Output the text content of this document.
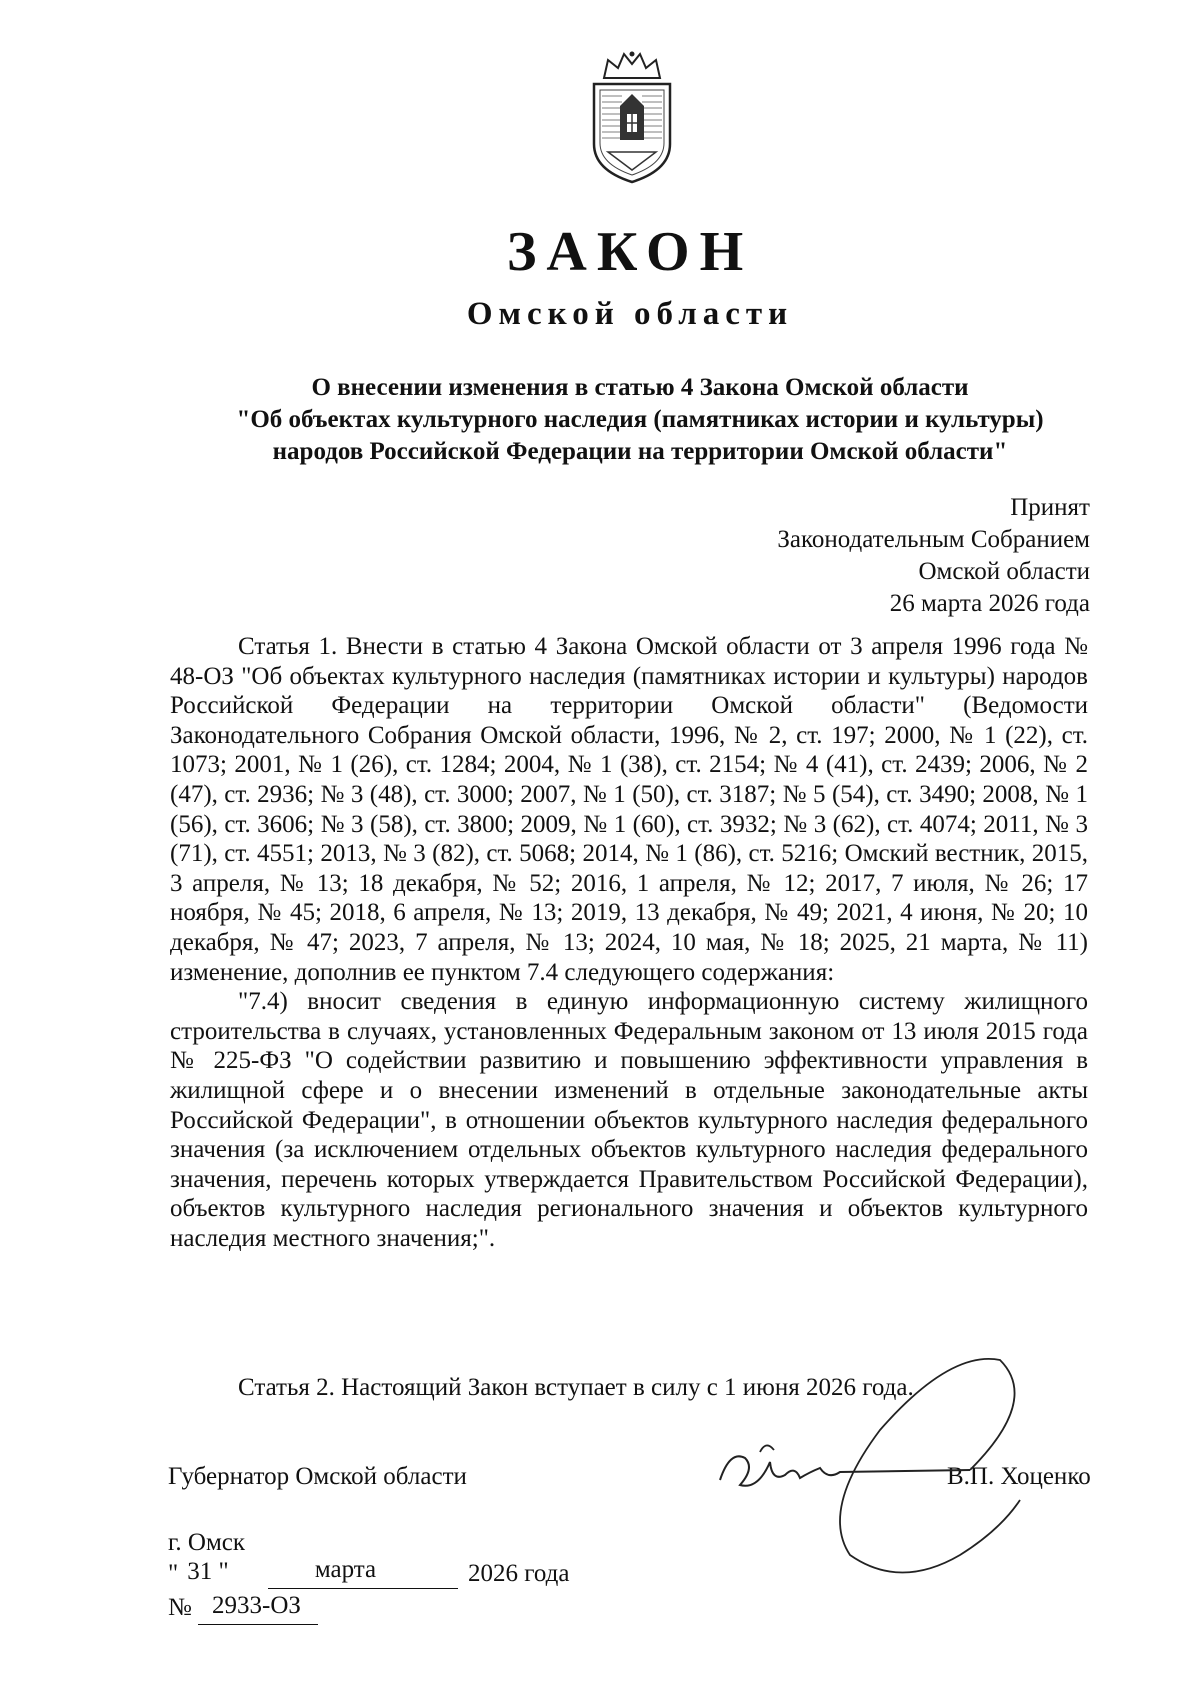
ЗАКОН
Омской области
О внесении изменения в статью 4 Закона Омской области
"Об объектах культурного наследия (памятниках истории и культуры)
народов Российской Федерации на территории Омской области"
Принят
Законодательным Собранием
Омской области
26 марта 2026 года

Статья 1. Внести в статью 4 Закона Омской области от 3 апреля 1996 года № 48-ОЗ "Об объектах культурного наследия (памятниках истории и культуры) народов Российской Федерации на территории Омской области" (Ведомости Законодательного Собрания Омской области, 1996, № 2, ст. 197; 2000, № 1 (22), ст. 1073; 2001, № 1 (26), ст. 1284; 2004, № 1 (38), ст. 2154; № 4 (41), ст. 2439; 2006, № 2 (47), ст. 2936; № 3 (48), ст. 3000; 2007, № 1 (50), ст. 3187; № 5 (54), ст. 3490; 2008, № 1 (56), ст. 3606; № 3 (58), ст. 3800; 2009, № 1 (60), ст. 3932; № 3 (62), ст. 4074; 2011, № 3 (71), ст. 4551; 2013, № 3 (82), ст. 5068; 2014, № 1 (86), ст. 5216; Омский вестник, 2015, 3 апреля, № 13; 18 декабря, № 52; 2016, 1 апреля, № 12; 2017, 7 июля, № 26; 17 ноября, № 45; 2018, 6 апреля, № 13; 2019, 13 декабря, № 49; 2021, 4 июня, № 20; 10 декабря, № 47; 2023, 7 апреля, № 13; 2024, 10 мая, № 18; 2025, 21 марта, № 11) изменение, дополнив ее пунктом 7.4 следующего содержания:

"7.4) вносит сведения в единую информационную систему жилищного строительства в случаях, установленных Федеральным законом от 13 июля 2015 года № 225-ФЗ "О содействии развитию и повышению эффективности управления в жилищной сфере и о внесении изменений в отдельные законодательные акты Российской Федерации", в отношении объектов культурного наследия федерального значения (за исключением отдельных объектов культурного наследия федерального значения, перечень которых утверждается Правительством Российской Федерации), объектов культурного наследия регионального значения и объектов культурного наследия местного значения;".

Статья 2. Настоящий Закон вступает в силу с 1 июня 2026 года.
Губернатор Омской области	В.П. Хоценко
г. Омск
" 31 "	марта	2026 года
№ 2933-ОЗ
